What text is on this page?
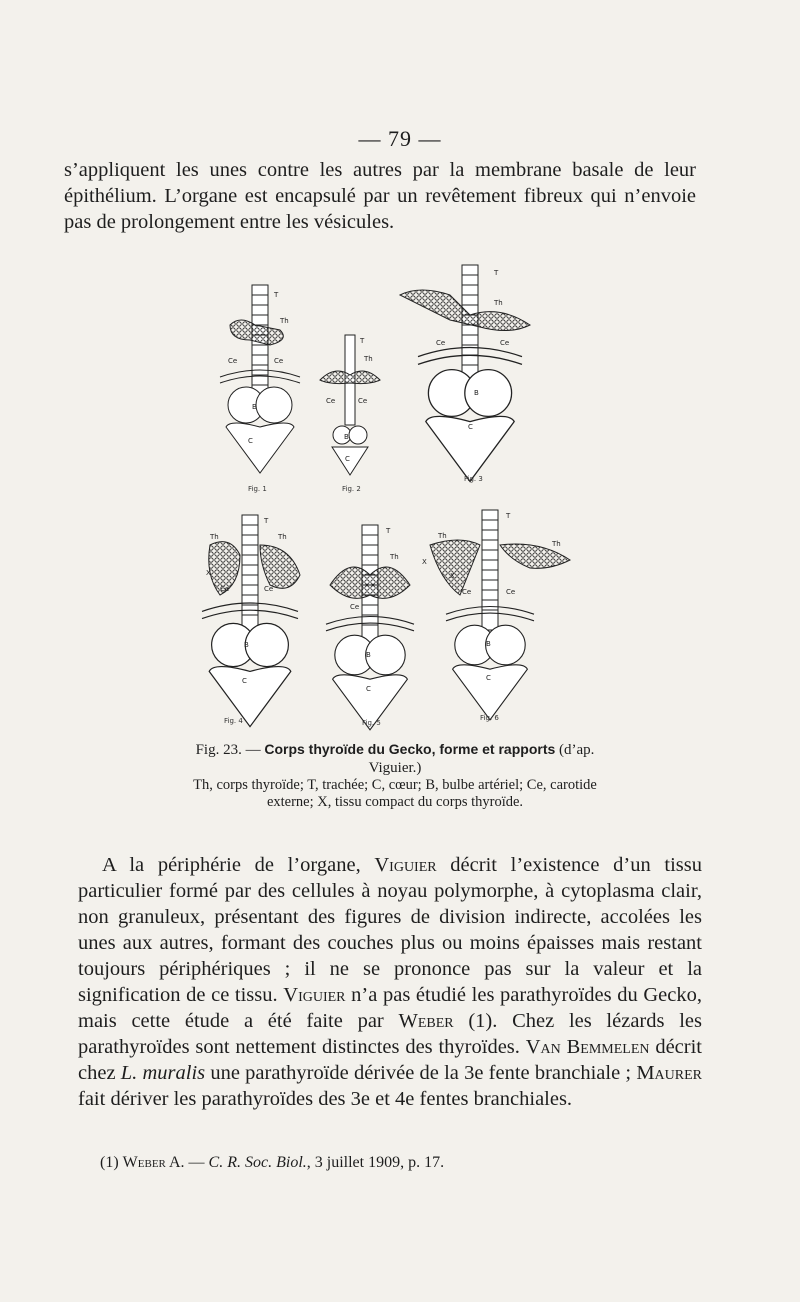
— 79 —
s’appliquent les unes contre les autres par la membrane basale de leur épithélium. L’organe est encapsulé par un revêtement fibreux qui n’envoie pas de prolongement entre les vésicules.
T
Th
Ce	Ce
B
C
Fig. 1
T
Th
Ce	Ce
B
C
Fig. 2
T
Th
Ce	Ce
B
C
Fig. 3
T
Th	Th
X
Ce	Ce
B
C
Fig. 4
T
Th
Ce
B
C
Fig. 5
T
Th
Th
X
X
Ce	Ce
B
C
Fig. 6
Fig. 23. — Corps thyroïde du Gecko, forme et rapports (d’ap. Viguier.)
Th, corps thyroïde; T, trachée; C, cœur; B, bulbe artériel; Ce, carotide externe; X, tissu compact du corps thyroïde.
A la périphérie de l’organe, Viguier décrit l’existence d’un tissu particulier formé par des cellules à noyau polymorphe, à cytoplasma clair, non granuleux, présentant des figures de division indirecte, accolées les unes aux autres, formant des couches plus ou moins épaisses mais restant toujours périphériques ; il ne se prononce pas sur la valeur et la signification de ce tissu. Viguier n’a pas étudié les parathyroïdes du Gecko, mais cette étude a été faite par Weber (1). Chez les lézards les parathyroïdes sont nettement distinctes des thyroïdes. Van Bemmelen décrit chez L. muralis une parathyroïde dérivée de la 3e fente branchiale ; Maurer fait dériver les parathyroïdes des 3e et 4e fentes branchiales.
(1) Weber A. — C. R. Soc. Biol., 3 juillet 1909, p. 17.
